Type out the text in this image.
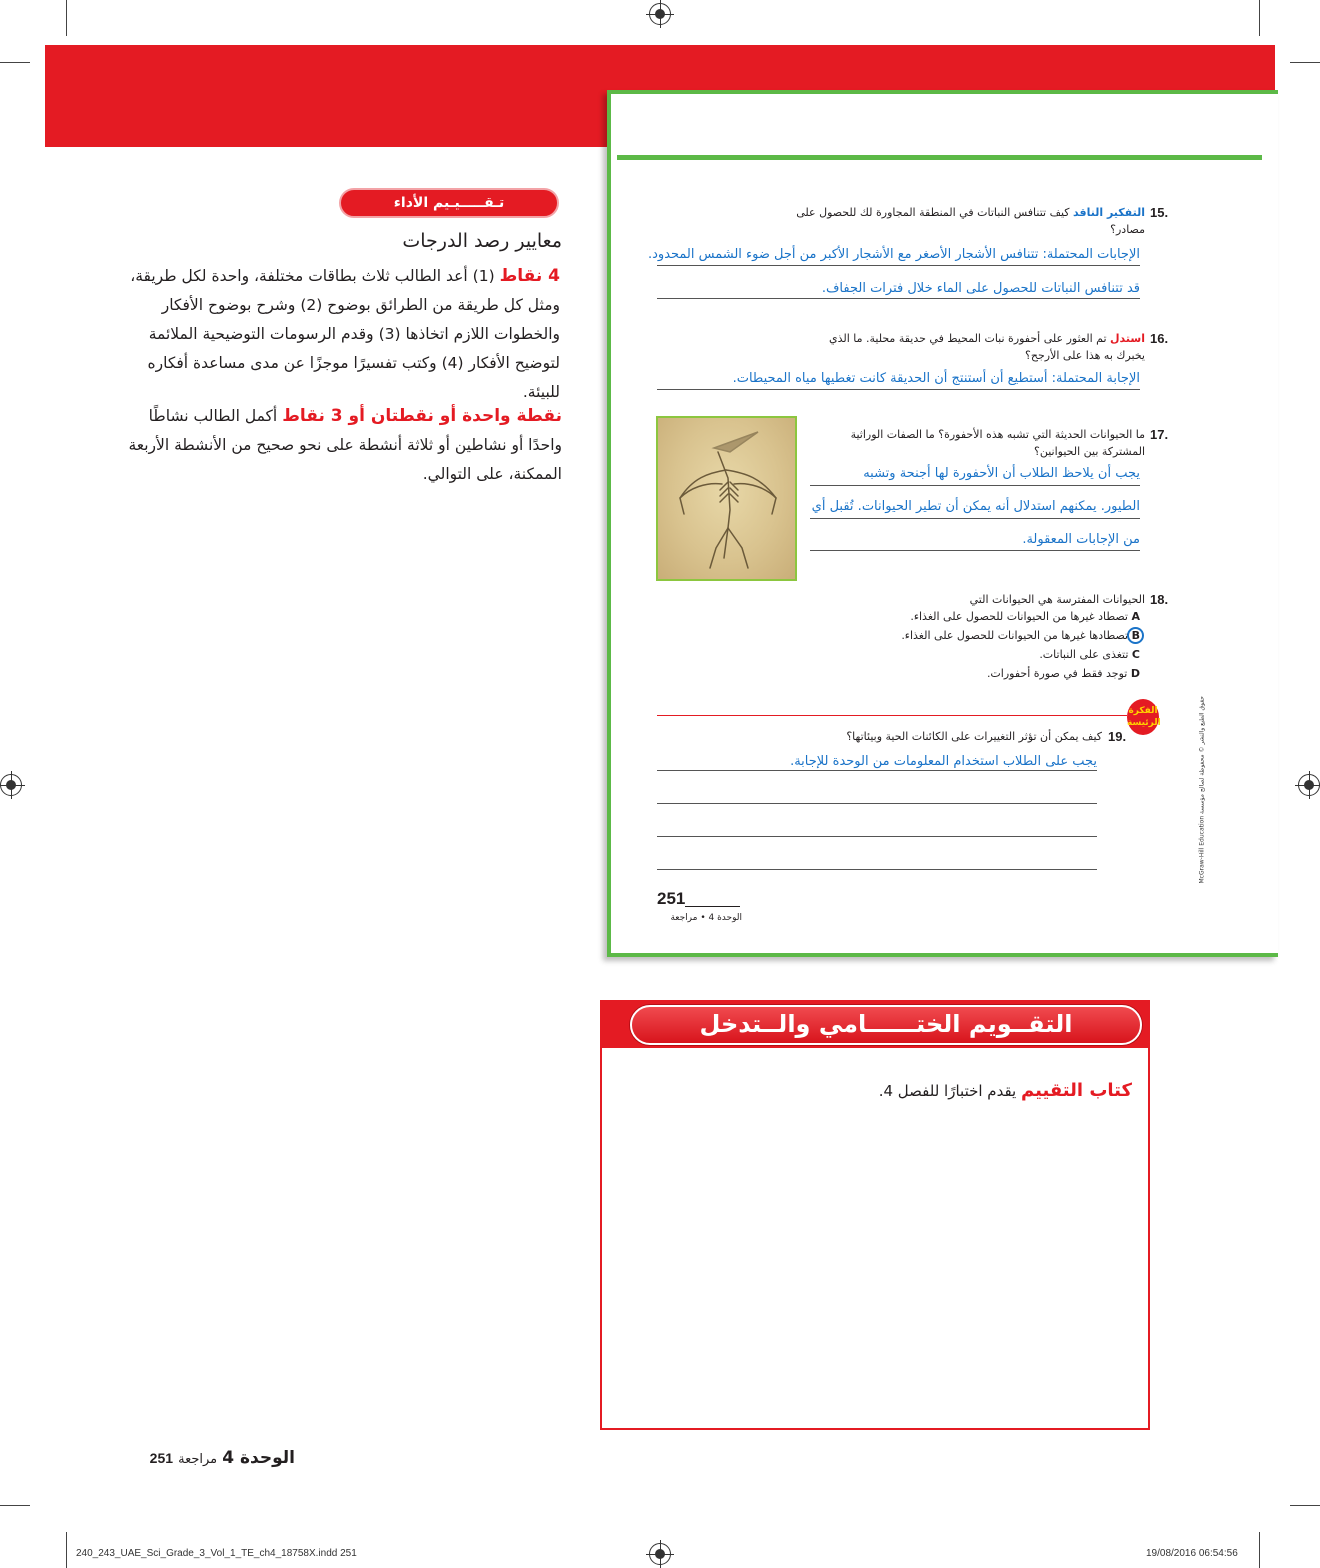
تـقـــــيـيم الأداء
معايير رصد الدرجات
4 نقاط (1) أعد الطالب ثلاث بطاقات مختلفة، واحدة لكل طريقة، ومثل كل طريقة من الطرائق بوضوح (2) وشرح بوضوح الأفكار والخطوات اللازم اتخاذها (3) وقدم الرسومات التوضيحية الملائمة لتوضيح الأفكار (4) وكتب تفسيرًا موجزًا عن مدى مساعدة أفكاره للبيئة.
نقطة واحدة أو نقطتان أو 3 نقاط أكمل الطالب نشاطًا واحدًا أو نشاطين أو ثلاثة أنشطة على نحو صحيح من الأنشطة الأربعة الممكنة، على التوالي.
15.
التفكير الناقد كيف تتنافس النباتات في المنطقة المجاورة لك للحصول على مصادر؟
الإجابات المحتملة: تتنافس الأشجار الأصغر مع الأشجار الأكبر من أجل ضوء الشمس المحدود.
قد تتنافس النباتات للحصول على الماء خلال فترات الجفاف.
16.
استدل تم العثور على أحفورة نبات المحيط في حديقة محلية. ما الذي يخبرك به هذا على الأرجح؟
الإجابة المحتملة: أستطيع أن أستنتج أن الحديقة كانت تغطيها مياه المحيطات.
17.
ما الحيوانات الحديثة التي تشبه هذه الأحفورة؟ ما الصفات الوراثية المشتركة بين الحيوانين؟
يجب أن يلاحظ الطلاب أن الأحفورة لها أجنحة وتشبه
الطيور. يمكنهم استدلال أنه يمكن أن تطير الحيوانات. تُقبل أي
من الإجابات المعقولة.
18.
الحيوانات المفترسة هي الحيوانات التي
A تصطاد غيرها من الحيوانات للحصول على الغذاء.
B تصطادها غيرها من الحيوانات للحصول على الغذاء.
C تتغذى على النباتات.
D توجد فقط في صورة أحفورات.
الفكرة الرئيسة
19.
كيف يمكن أن تؤثر التغييرات على الكائنات الحية وبيئاتها؟
يجب على الطلاب استخدام المعلومات من الوحدة للإجابة.
McGraw-Hill Education حقوق الطبع والنشر © محفوظة لصالح مؤسسة
251
الوحدة 4 • مراجعة
التقــويم الختــــــامي والــتدخل
كتاب التقييم يقدم اختبارًا للفصل 4.
الوحدة 4 مراجعة 251
240_243_UAE_Sci_Grade_3_Vol_1_TE_ch4_18758X.indd 251	19/08/2016 06:54:56
